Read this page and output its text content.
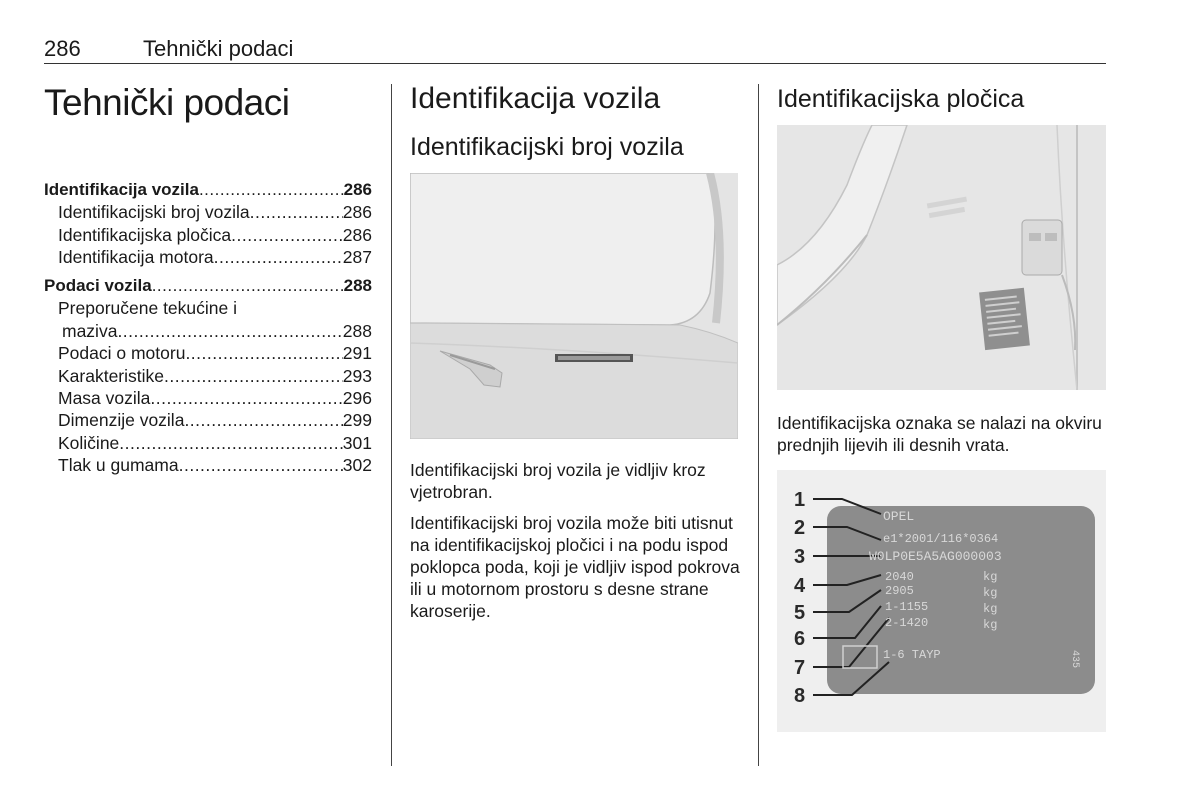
286	Tehnički podaci
Tehnički podaci
Identifikacija vozila .....	286
Identifikacijski broj vozila .....	286
Identifikacijska pločica .....	286
Identifikacija motora .....	287
Podaci vozila .....	288
Preporučene tekućine i
maziva .....	288
Podaci o motoru .....	291
Karakteristike .....	293
Masa vozila .....	296
Dimenzije vozila .....	299
Količine .....	301
Tlak u gumama .....	302
Identifikacija vozila
Identifikacijski broj vozila
Identifikacijski broj vozila je vidljiv kroz vjetrobran.
Identifikacijski broj vozila može biti utisnut na identifikacijskoj pločici i na podu ispod poklopca poda, koji je vidljiv ispod pokrova ili u motornom prostoru s desne strane karoserije.
Identifikacijska pločica
Identifikacijska oznaka se nalazi na okviru prednjih lijevih ili desnih vrata.
1
2
3
4
5
6
7
8
OPEL
e1*2001/116*0364
W0LP0E5A5AG000003
2040
2905
1-1155
2-1420
kg
kg
kg
kg
1-6 TAYP	435
